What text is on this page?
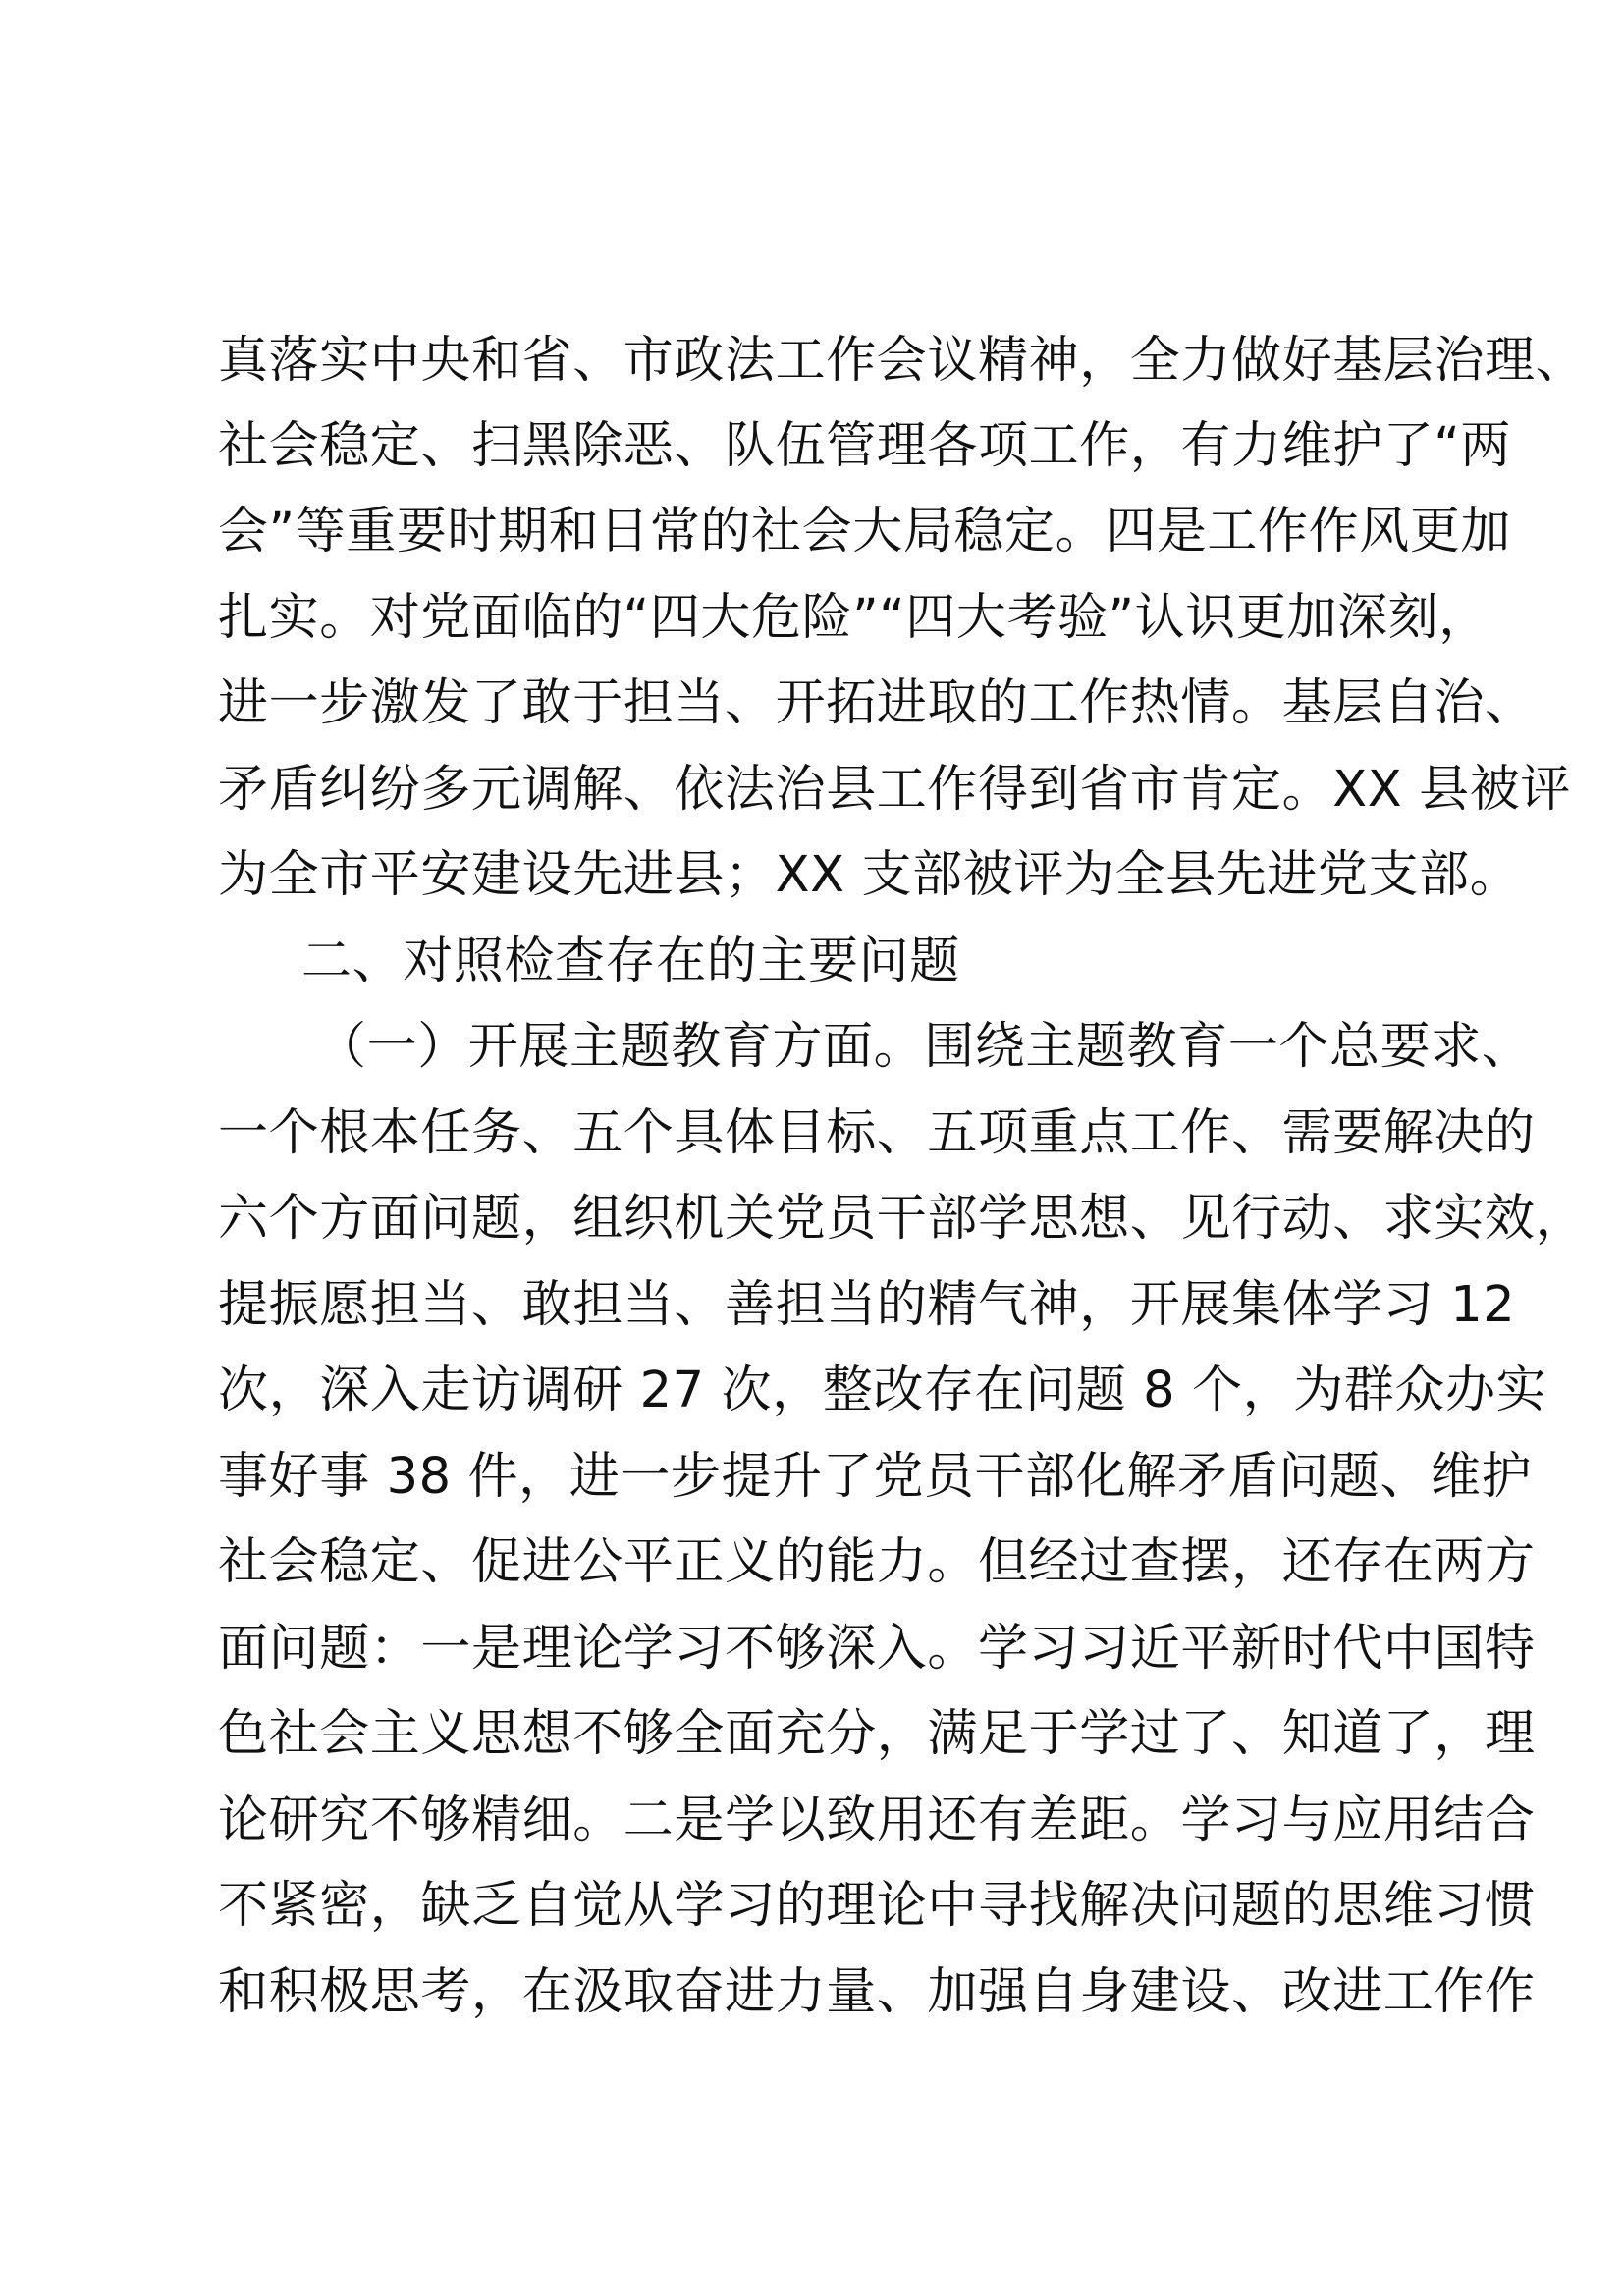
真落实中央和省、市政法工作会议精神，全力做好基层治理、
社会稳定、扫黑除恶、队伍管理各项工作，有力维护了“两
会”等重要时期和日常的社会大局稳定。四是工作作风更加
扎实。对党面临的“四大危险”“四大考验”认识更加深刻，
进一步激发了敢于担当、开拓进取的工作热情。基层自治、
矛盾纠纷多元调解、依法治县工作得到省市肯定。XX 县被评
为全市平安建设先进县；XX 支部被评为全县先进党支部。
二、对照检查存在的主要问题
（一）开展主题教育方面。围绕主题教育一个总要求、
一个根本任务、五个具体目标、五项重点工作、需要解决的
六个方面问题，组织机关党员干部学思想、见行动、求实效，
提振愿担当、敢担当、善担当的精气神，开展集体学习 12
次，深入走访调研 27 次，整改存在问题 8 个，为群众办实
事好事 38 件，进一步提升了党员干部化解矛盾问题、维护
社会稳定、促进公平正义的能力。但经过查摆，还存在两方
面问题：一是理论学习不够深入。学习习近平新时代中国特
色社会主义思想不够全面充分，满足于学过了、知道了，理
论研究不够精细。二是学以致用还有差距。学习与应用结合
不紧密，缺乏自觉从学习的理论中寻找解决问题的思维习惯
和积极思考，在汲取奋进力量、加强自身建设、改进工作作
